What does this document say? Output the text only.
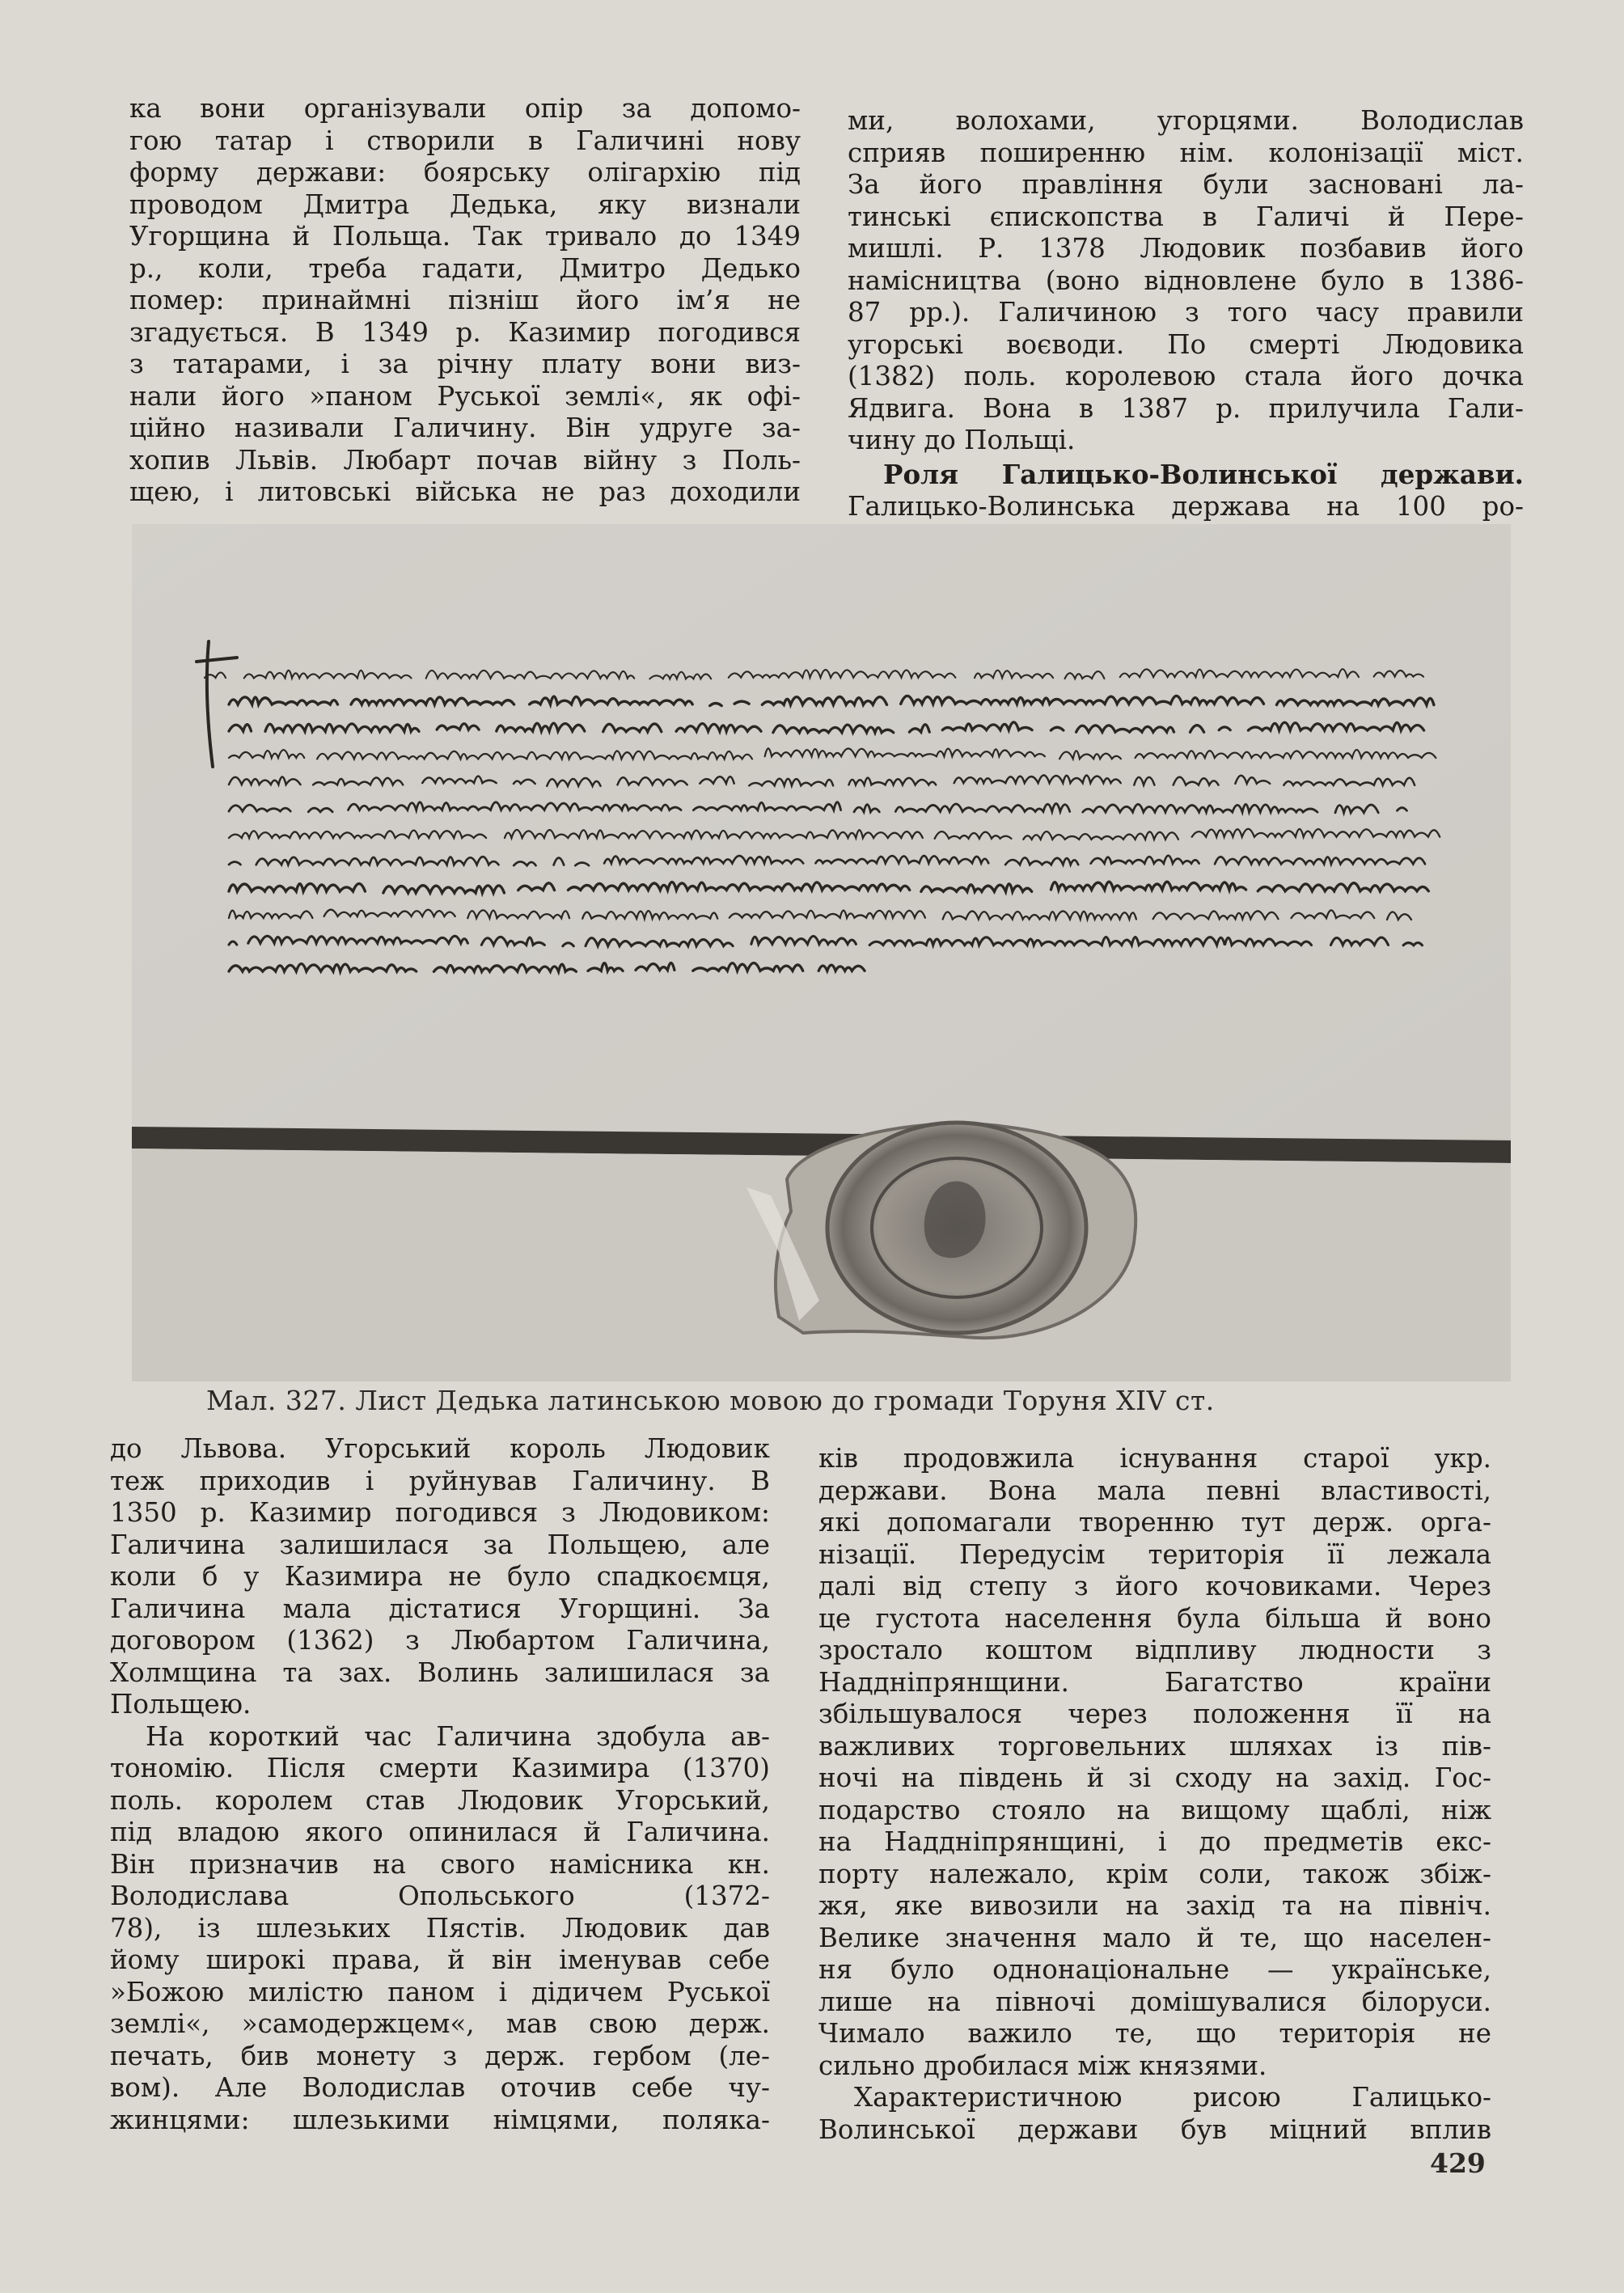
ка вони організували опір за допомо-
гою татар і створили в Галичині нову
форму держави: боярську олігархію під
проводом Дмитра Дедька, яку визнали
Угорщина й Польща. Так тривало до 1349
р., коли, треба гадати, Дмитро Дедько
помер: принаймні пізніш його ім’я не
згадується. В 1349 р. Казимир погодився
з татарами, і за річну плату вони виз-
нали його »паном Руської землі«, як офі-
ційно називали Галичину. Він удруге за-
хопив Львів. Любарт почав війну з Поль-
щею, і литовські війська не раз доходили
ми, волохами, угорцями. Володислав
сприяв поширенню нім. колонізації міст.
За його правління були засновані ла-
тинські єпископства в Галичі й Пере-
мишлі. Р. 1378 Людовик позбавив його
намісництва (воно відновлене було в 1386-
87 рр.). Галичиною з того часу правили
угорські воєводи. По смерті Людовика
(1382) поль. королевою стала його дочка
Ядвига. Вона в 1387 р. прилучила Гали-
чину до Польщі.

Роля Галицько-Волинської держави.

Галицько-Волинська держава на 100 ро-
Мал. 327. Лист Дедька латинською мовою до громади Торуня XIV ст.
до Львова. Угорський король Людовик
теж приходив і руйнував Галичину. В
1350 р. Казимир погодився з Людовиком:
Галичина залишилася за Польщею, але
коли б у Казимира не було спадкоємця,
Галичина мала дістатися Угорщині. За
договором (1362) з Любартом Галичина,
Холмщина та зах. Волинь залишилася за
Польщею.
На короткий час Галичина здобула ав-
тономію. Після смерти Казимира (1370)
поль. королем став Людовик Угорський,
під владою якого опинилася й Галичина.
Він призначив на свого намісника кн.
Володислава Опольського (1372-
78), із шлезьких Пястів. Людовик дав
йому широкі права, й він іменував себе
»Божою милістю паном і дідичем Руської
землі«, »самодержцем«, мав свою держ.
печать, бив монету з держ. гербом (ле-
вом). Але Володислав оточив себе чу-
жинцями: шлезькими німцями, поляка-
ків продовжила існування старої укр.
держави. Вона мала певні властивості,
які допомагали творенню тут держ. орга-
нізації. Передусім територія її лежала
далі від степу з його кочовиками. Через
це густота населення була більша й воно
зростало коштом відпливу людности з
Наддніпрянщини. Багатство країни
збільшувалося через положення її на
важливих торговельних шляхах із пів-
ночі на південь й зі сходу на захід. Гос-
подарство стояло на вищому щаблі, ніж
на Наддніпрянщині, і до предметів екс-
порту належало, крім соли, також збіж-
жя, яке вивозили на захід та на північ.
Велике значення мало й те, що населен-
ня було однонаціональне — українське,
лише на півночі домішувалися білоруси.
Чимало важило те, що територія не
сильно дробилася між князями.
Характеристичною рисою Галицько-
Волинської держави був міцний вплив
429
